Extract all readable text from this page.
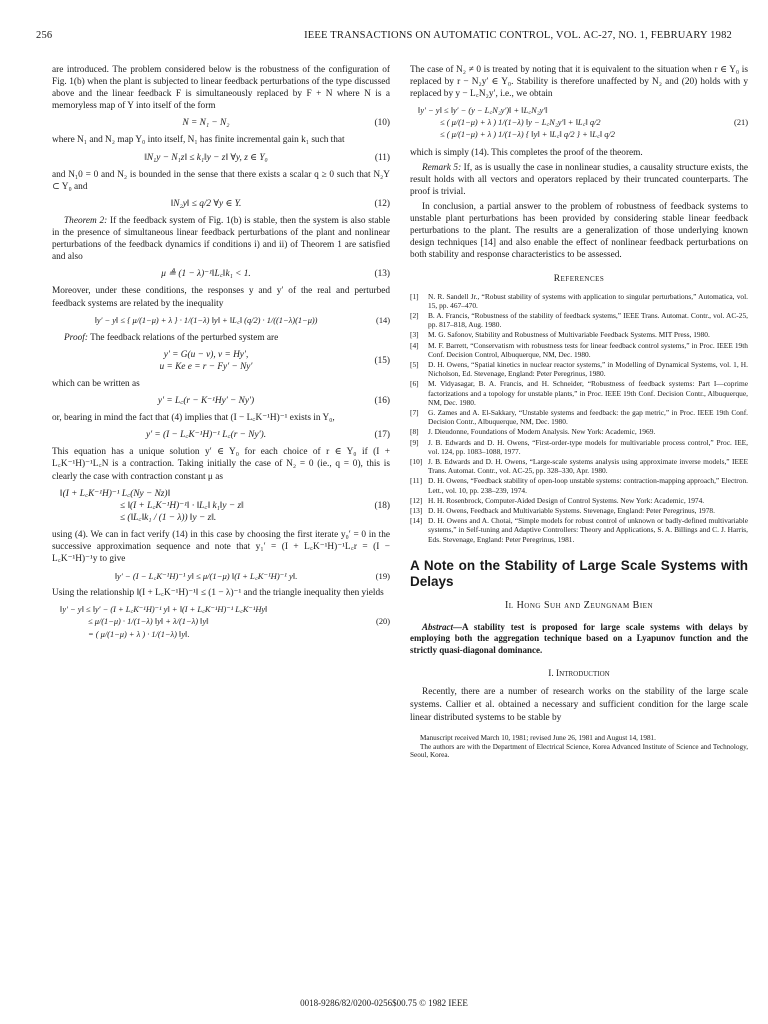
256	IEEE TRANSACTIONS ON AUTOMATIC CONTROL, VOL. AC-27, NO. 1, FEBRUARY 1982

are introduced. The problem considered below is the robustness of the configuration of Fig. 1(b) when the plant is subjected to linear feedback perturbations of the type discussed above and the linear feedback F is simultaneously replaced by F + N where N is a memoryless map of Y into itself of the form

N = N₁ − N₂	(10)

where N₁ and N₂ map Y₀ into itself, N₁ has finite incremental gain k₁ such that

‖N₁y − N₁z‖ ≤ k₁‖y − z‖ ∀y, z ∈ Y₀	(11)

and N₁0 = 0 and N₂ is bounded in the sense that there exists a scalar q ≥ 0 such that N₂Y ⊂ Y₀ and

‖N₂y‖ ≤ q/2 ∀y ∈ Y.	(12)

Theorem 2: If the feedback system of Fig. 1(b) is stable, then the system is also stable in the presence of simultaneous linear feedback perturbations of the plant and nonlinear perturbations of the feedback dynamics if conditions i) and ii) of Theorem 1 are satisfied and also

μ ≜ (1 − λ)⁻¹‖L꜀‖k₁ < 1.	(13)

Moreover, under these conditions, the responses y and y′ of the real and perturbed feedback systems are related by the inequality

‖y′ − y‖ ≤ { μ/(1−μ) + λ } · 1/(1−λ) ‖y‖ + ‖L꜀‖ (q/2) · 1/((1−λ)(1−μ))	(14)

Proof: The feedback relations of the perturbed system are

y′ = G(u − v), v = Hy′,
u = Ke e = r − Fy′ − Ny′
(15)

which can be written as

y′ = L꜀(r − K⁻¹Hy′ − Ny′)	(16)

or, bearing in mind the fact that (4) implies that (I − L꜀K⁻¹H)⁻¹ exists in Y₀,

y′ = (I − L꜀K⁻¹H)⁻¹ L꜀(r − Ny′).	(17)

This equation has a unique solution y′ ∈ Y₀ for each choice of r ∈ Y₀ if (I + L꜀K⁻¹H)⁻¹L꜀N is a contraction. Taking initially the case of N₂ = 0 (ie., q = 0), this is clearly the case with contraction constant μ as

‖(I + L꜀K⁻¹H)⁻¹ L꜀(Ny − Nz)‖
≤ ‖(I + L꜀K⁻¹H)⁻¹‖ · ‖L꜀‖ k₁‖y − z‖
≤ (‖L꜀‖k₁ / (1 − λ)) ‖y − z‖.
(18)

using (4). We can in fact verify (14) in this case by choosing the first iterate y₀′ = 0 in the successive approximation sequence and note that y₁′ = (I + L꜀K⁻¹H)⁻¹L꜀r = (I − L꜀K⁻¹H)⁻¹y to give

‖y′ − (I − L꜀K⁻¹H)⁻¹ y‖ ≤ μ/(1−μ) ‖(I + L꜀K⁻¹H)⁻¹ y‖.	(19)

Using the relationship ‖(I + L꜀K⁻¹H)⁻¹‖ ≤ (1 − λ)⁻¹ and the triangle inequality then yields

‖y′ − y‖ ≤ ‖y′ − (I + L꜀K⁻¹H)⁻¹ y‖ + ‖(I + L꜀K⁻¹H)⁻¹ L꜀K⁻¹Hy‖
≤ μ/(1−μ) · 1/(1−λ) ‖y‖ + λ/(1−λ) ‖y‖
= ( μ/(1−μ) + λ ) · 1/(1−λ) ‖y‖.
(20)

The case of N₂ ≠ 0 is treated by noting that it is equivalent to the situation when r ∈ Y₀ is replaced by r − N₂y′ ∈ Y₀. Stability is therefore unaffected by N₂ and (20) holds with y replaced by y − L꜀N₂y′, i.e., we obtain

‖y′ − y‖ ≤ ‖y′ − (y − L꜀N₂y′)‖ + ‖L꜀N₂y′‖
≤ ( μ/(1−μ) + λ ) 1/(1−λ) ‖y − L꜀N₂y′‖ + ‖L꜀‖ q/2
≤ ( μ/(1−μ) + λ ) 1/(1−λ) { ‖y‖ + ‖L꜀‖ q/2 } + ‖L꜀‖ q/2
(21)

which is simply (14). This completes the proof of the theorem.

Remark 5: If, as is usually the case in nonlinear studies, a causality structure exists, the result holds with all vectors and operators replaced by their truncated counterparts. The proof is trivial.

In conclusion, a partial answer to the problem of robustness of feedback systems to unstable plant perturbations has been provided by considering stable linear feedback perturbations to the plant. The results are a generalization of those underlying known design techniques [14] and also enable the effect of nonlinear feedback perturbations on both stability and response characteristics to be assessed.

References
[1]	N. R. Sandell Jr., “Robust stability of systems with application to singular perturbations,” Automatica, vol. 15, pp. 467–470.
[2]	B. A. Francis, “Robustness of the stability of feedback systems,” IEEE Trans. Automat. Contr., vol. AC-25, pp. 817–818, Aug. 1980.
[3]	M. G. Safonov, Stability and Robustness of Multivariable Feedback Systems. MIT Press, 1980.
[4]	M. F. Barrett, “Conservatism with robustness tests for linear feedback control systems,” in Proc. IEEE 19th Conf. Decision Control, Albuquerque, NM, Dec. 1980.
[5]	D. H. Owens, “Spatial kinetics in nuclear reactor systems,” in Modelling of Dynamical Systems, vol. 1, H. Nicholson, Ed. Stevenage, England: Peter Peregrinus, 1980.
[6]	M. Vidyasagar, B. A. Francis, and H. Schneider, “Robustness of feedback systems: Part I—coprime factorizations and a topology for unstable plants,” in Proc. IEEE 19th Conf. Decision Contr., Albuquerque, NM, Dec. 1980.
[7]	G. Zames and A. El-Sakkary, “Unstable systems and feedback: the gap metric,” in Proc. IEEE 19th Conf. Decision Contr., Albuquerque, NM, Dec. 1980.
[8]	J. Dieudonne, Foundations of Modern Analysis. New York: Academic, 1969.
[9]	J. B. Edwards and D. H. Owens, “First-order-type models for multivariable process control,” Proc. IEE, vol. 124, pp. 1083–1088, 1977.
[10] J. B. Edwards and D. H. Owens, “Large-scale systems analysis using approximate inverse models,” IEEE Trans. Automat. Contr., vol. AC-25, pp. 328–330, Apr. 1980.
[11] D. H. Owens, “Feedback stability of open-loop unstable systems: contraction-mapping approach,” Electron. Lett., vol. 10, pp. 238–239, 1974.
[12] H. H. Rosenbrock, Computer-Aided Design of Control Systems. New York: Academic, 1974.
[13] D. H. Owens, Feedback and Multivariable Systems. Stevenage, England: Peter Peregrinus, 1978.
[14] D. H. Owens and A. Chotai, “Simple models for robust control of unknown or badly-defined multivariable systems,” in Self-tuning and Adaptive Controllers: Theory and Applications, S. A. Billings and C. J. Harris, Eds. Stevenage, England: Peter Peregrinus, 1981.
A Note on the Stability of Large Scale Systems with Delays
Il Hong Suh and Zeungnam Bien

Abstract—A stability test is proposed for large scale systems with delays by employing both the aggregation technique based on a Lyapunov function and the strictly quasi-diagonal dominance.

I. Introduction

Recently, there are a number of research works on the stability of the large scale systems. Callier et al. obtained a necessary and sufficient condition for the large scale linear distributed systems to be stable by

Manuscript received March 10, 1981; revised June 26, 1981 and August 14, 1981.
The authors are with the Department of Electrical Science, Korea Advanced Institute of Science and Technology, Seoul, Korea.
0018-9286/82/0200-0256$00.75 © 1982 IEEE
